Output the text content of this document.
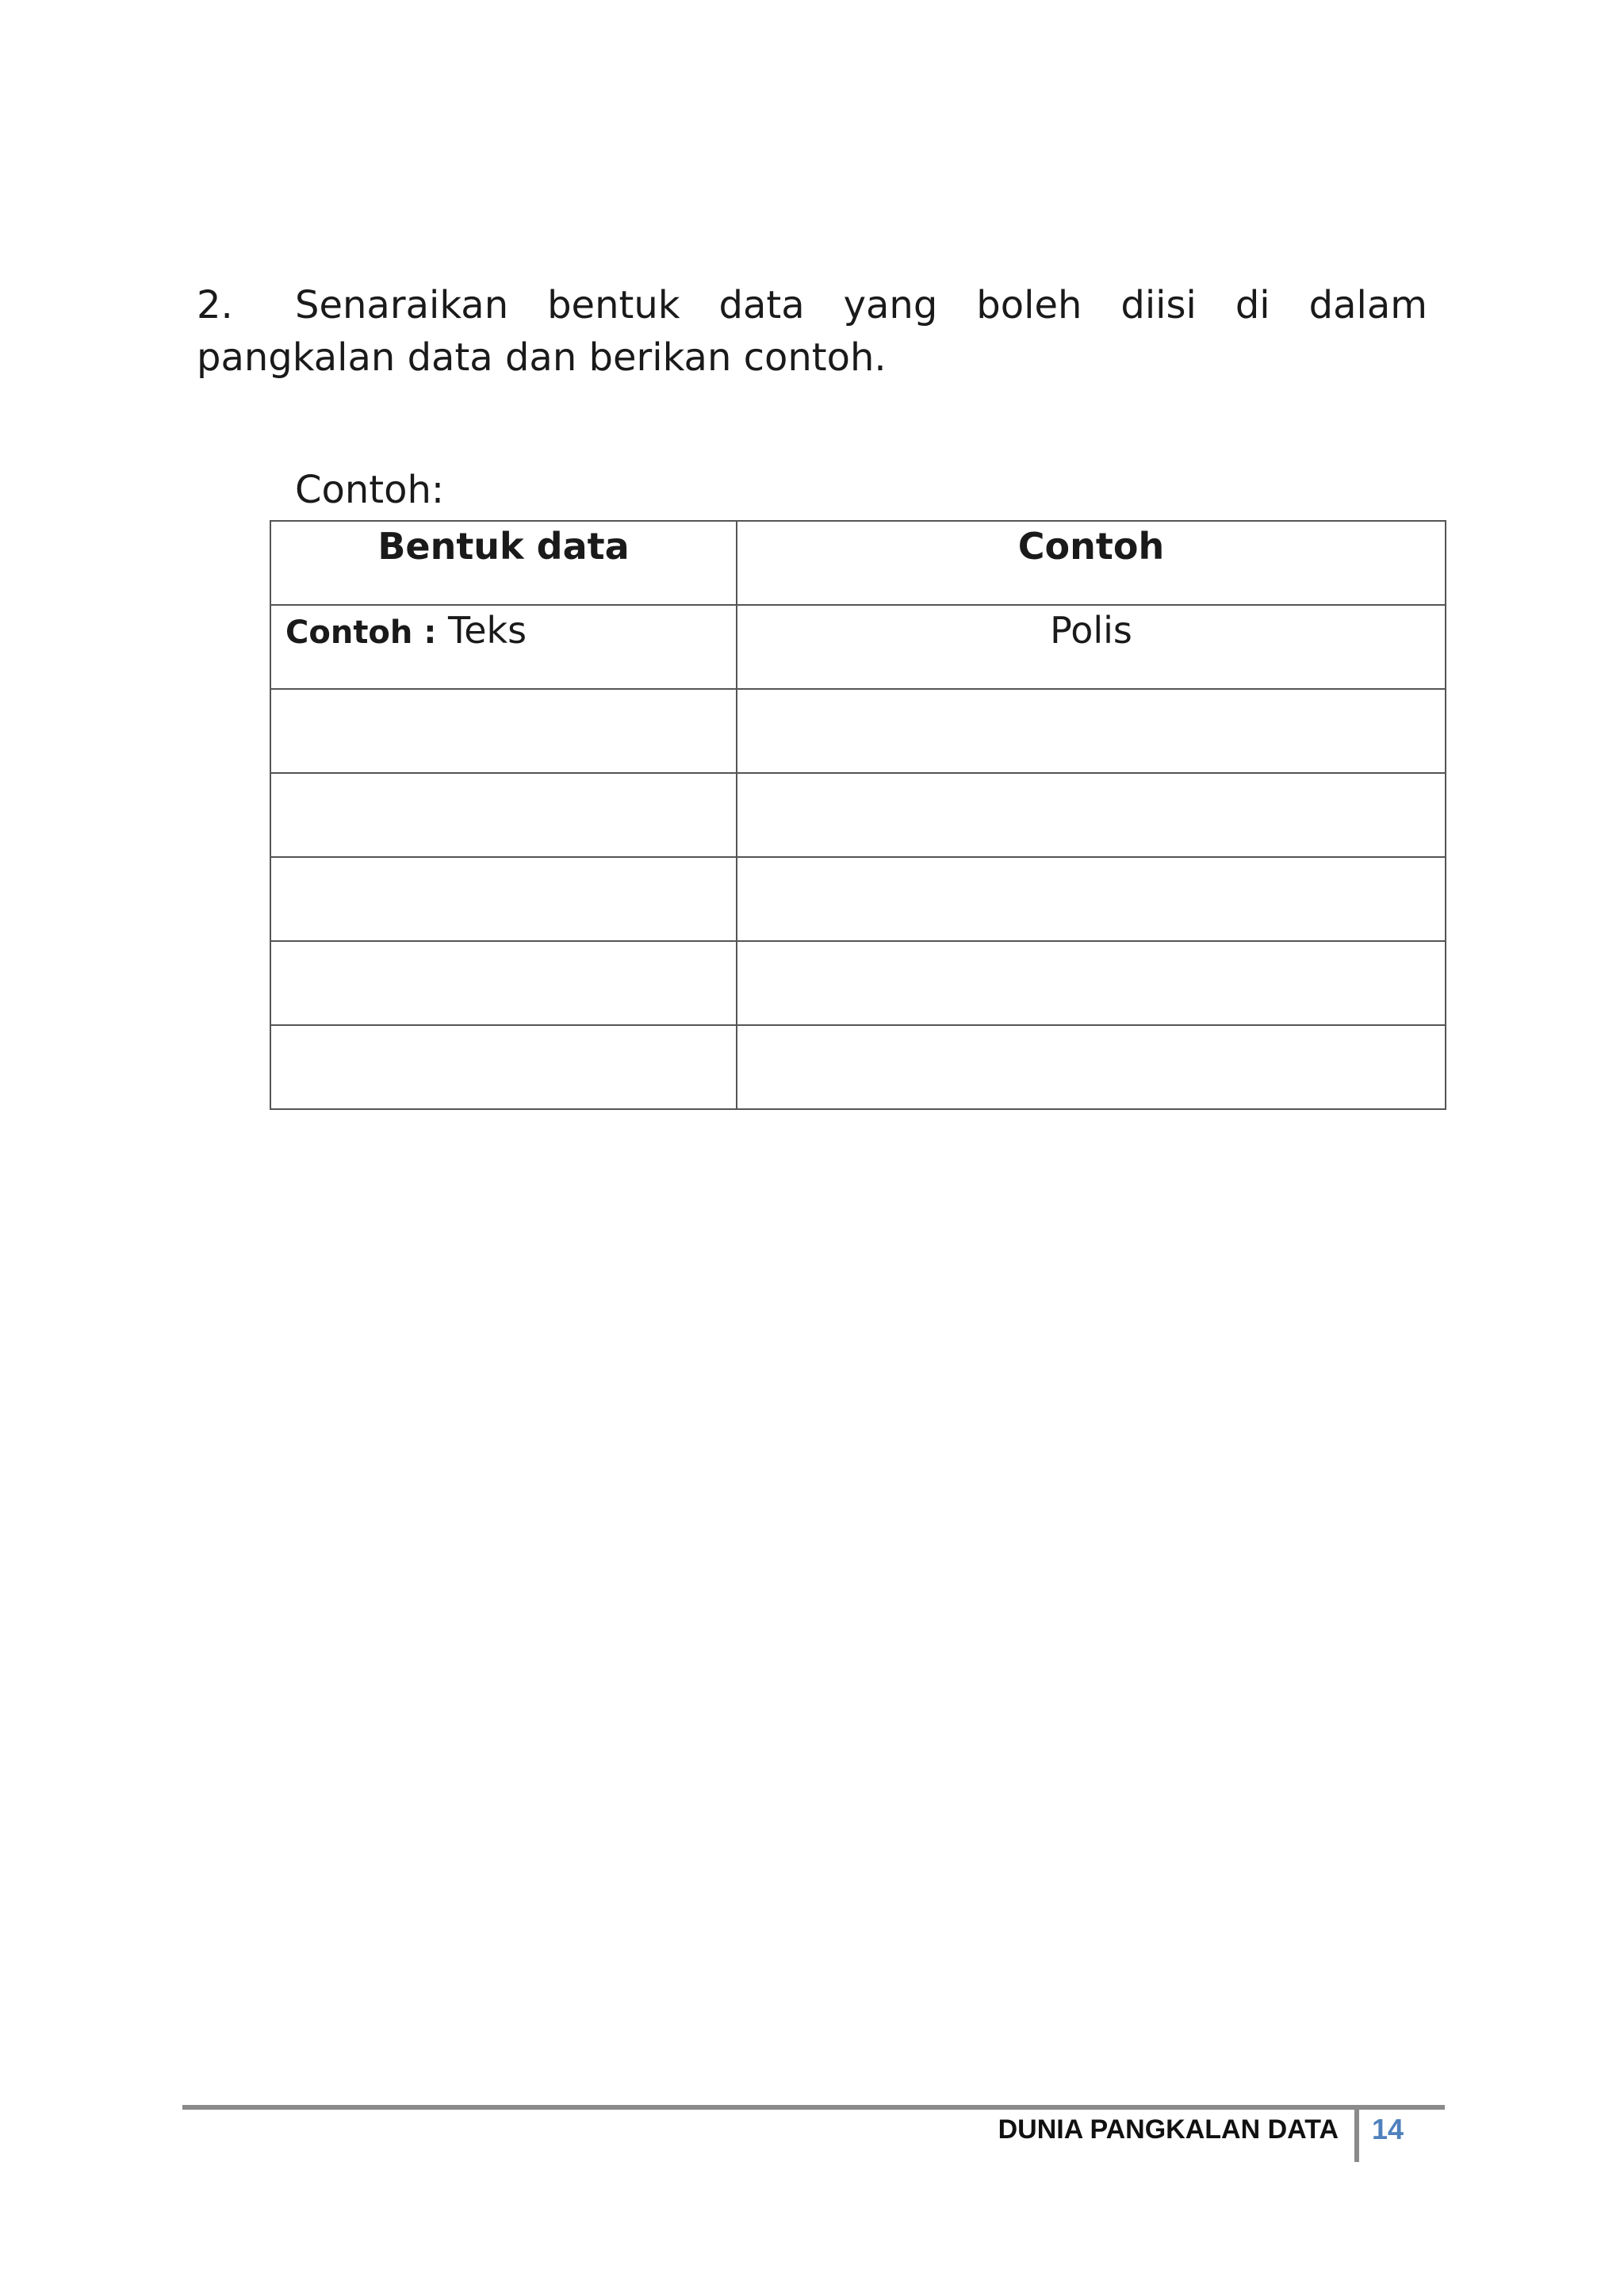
2. Senaraikan bentuk data yang boleh diisi di dalam pangkalan data dan berikan contoh.
Contoh:
Bentuk data	Contoh
Contoh : Teks	Polis

DUNIA PANGKALAN DATA 14
